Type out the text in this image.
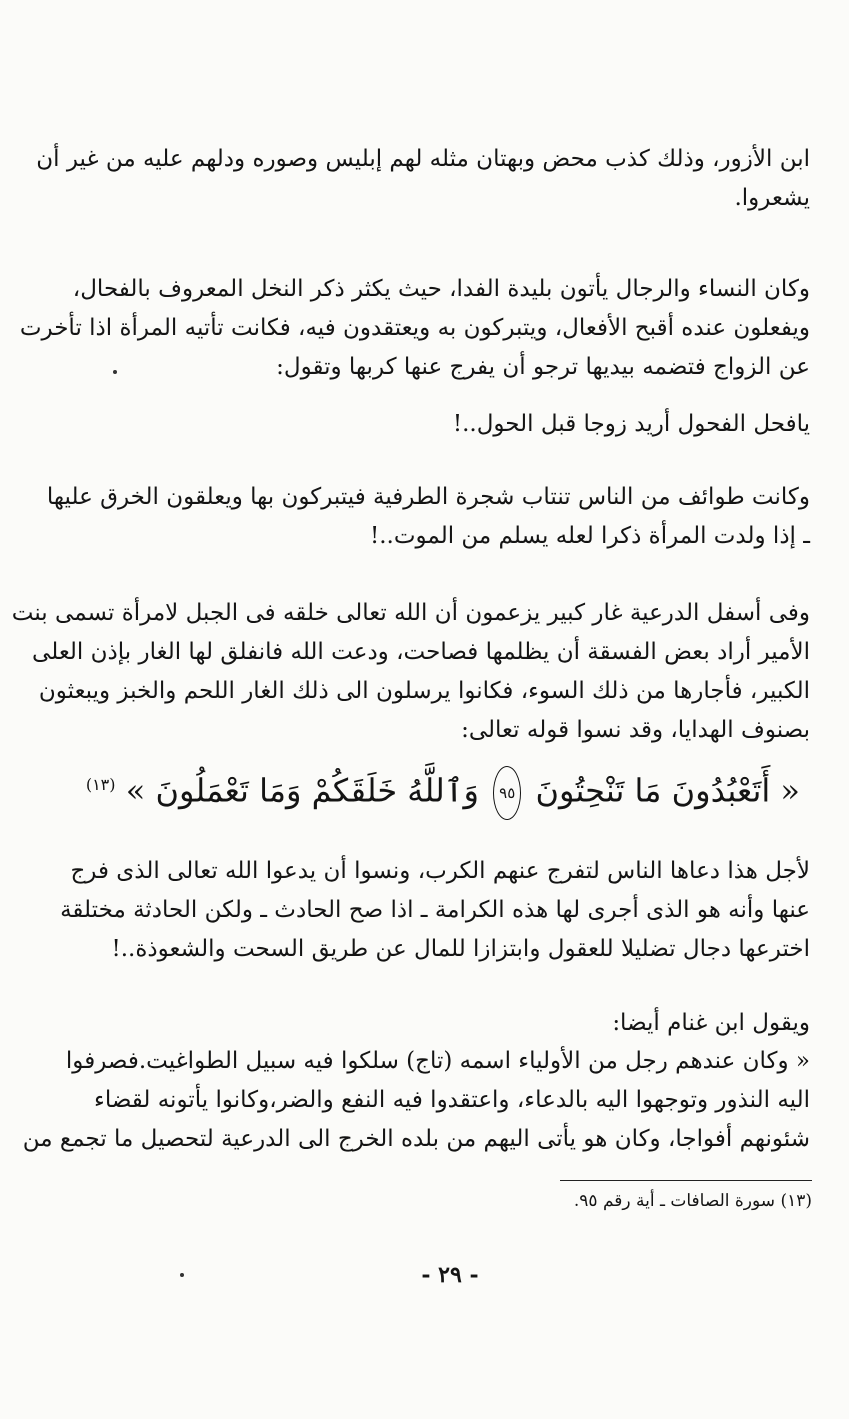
ابن الأزور، وذلك كذب محض وبهتان مثله لهم إبليس وصوره ودلهم عليه من غير أن
يشعروا.
وكان النساء والرجال يأتون بليدة الفدا، حيث يكثر ذكر النخل المعروف بالفحال،
ويفعلون عنده أقبح الأفعال، ويتبركون به ويعتقدون فيه، فكانت تأتيه المرأة اذا تأخرت
عن الزواج فتضمه بيديها ترجو أن يفرج عنها كربها وتقول:
يافحل الفحول أريد زوجا قبل الحول..!
وكانت طوائف من الناس تنتاب شجرة الطرفية فيتبركون بها ويعلقون الخرق عليها
ـ إذا ولدت المرأة ذكرا لعله يسلم من الموت..!
وفى أسفل الدرعية غار كبير يزعمون أن الله تعالى خلقه فى الجبل لامرأة تسمى بنت
الأمير أراد بعض الفسقة أن يظلمها فصاحت، ودعت الله فانفلق لها الغار بإذن العلى
الكبير، فأجارها من ذلك السوء، فكانوا يرسلون الى ذلك الغار اللحم والخبز ويبعثون
بصنوف الهدايا، وقد نسوا قوله تعالى:
« أَتَعْبُدُونَ مَا تَنْحِتُونَ ٩٥ وَٱللَّهُ خَلَقَكُمْ وَمَا تَعْمَلُونَ » $^{(١٣)}$
لأجل هذا دعاها الناس لتفرج عنهم الكرب، ونسوا أن يدعوا الله تعالى الذى فرج
عنها وأنه هو الذى أجرى لها هذه الكرامة ـ اذا صح الحادث ـ ولكن الحادثة مختلقة
اخترعها دجال تضليلا للعقول وابتزازا للمال عن طريق السحت والشعوذة..!
ويقول ابن غنام أيضا:
« وكان عندهم رجل من الأولياء اسمه (تاج) سلكوا فيه سبيل الطواغيت.فصرفوا
اليه النذور وتوجهوا اليه بالدعاء، واعتقدوا فيه النفع والضر،وكانوا يأتونه لقضاء
شئونهم أفواجا، وكان هو يأتى اليهم من بلده الخرج الى الدرعية لتحصيل ما تجمع من
(١٣) سورة الصافات ـ أية رقم ٩٥.
- ٢٩ -
